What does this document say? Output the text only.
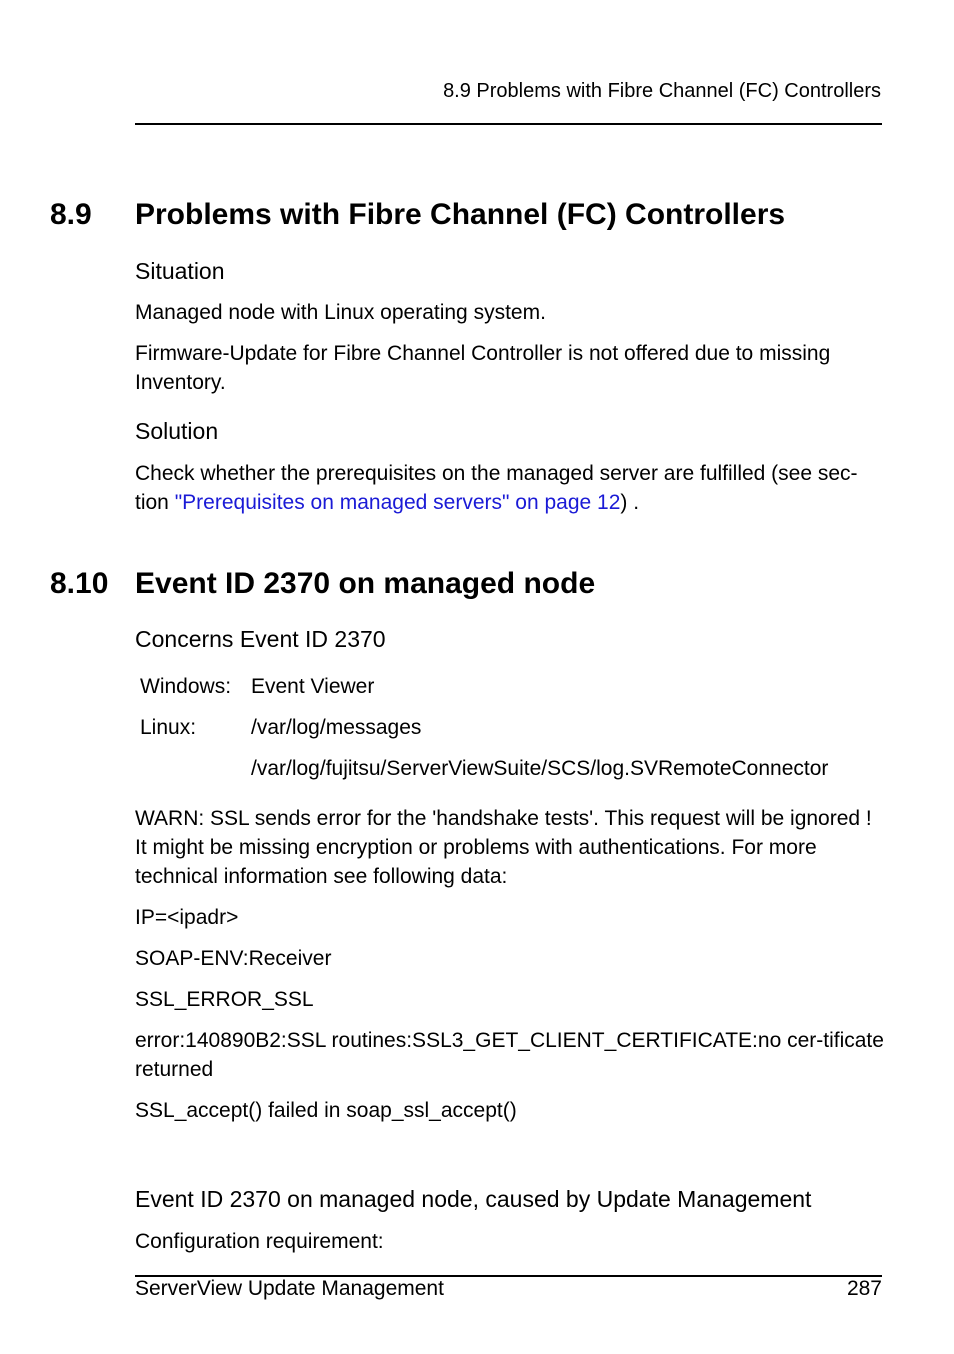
8.9 Problems with Fibre Channel (FC) Controllers
8.9 Problems with Fibre Channel (FC) Controllers
Situation
Managed node with Linux operating system.
Firmware-Update for Fibre Channel Controller is not offered due to missing Inventory.
Solution
Check whether the prerequisites on the managed server are fulfilled (see sec-tion "Prerequisites on managed servers" on page 12) .
8.10 Event ID 2370 on managed node
Concerns Event ID 2370
Windows: Event Viewer
Linux:	/var/log/messages
/var/log/fujitsu/ServerViewSuite/SCS/log.SVRemoteConnector
WARN: SSL sends error for the 'handshake tests'. This request will be ignored ! It might be missing encryption or problems with authentications. For more technical information see following data:
IP=<ipadr>
SOAP-ENV:Receiver
SSL_ERROR_SSL
error:140890B2:SSL routines:SSL3_GET_CLIENT_CERTIFICATE:no cer-tificate returned
SSL_accept() failed in soap_ssl_accept()
Event ID 2370 on managed node, caused by Update Management
Configuration requirement:
ServerView Update Management	287
